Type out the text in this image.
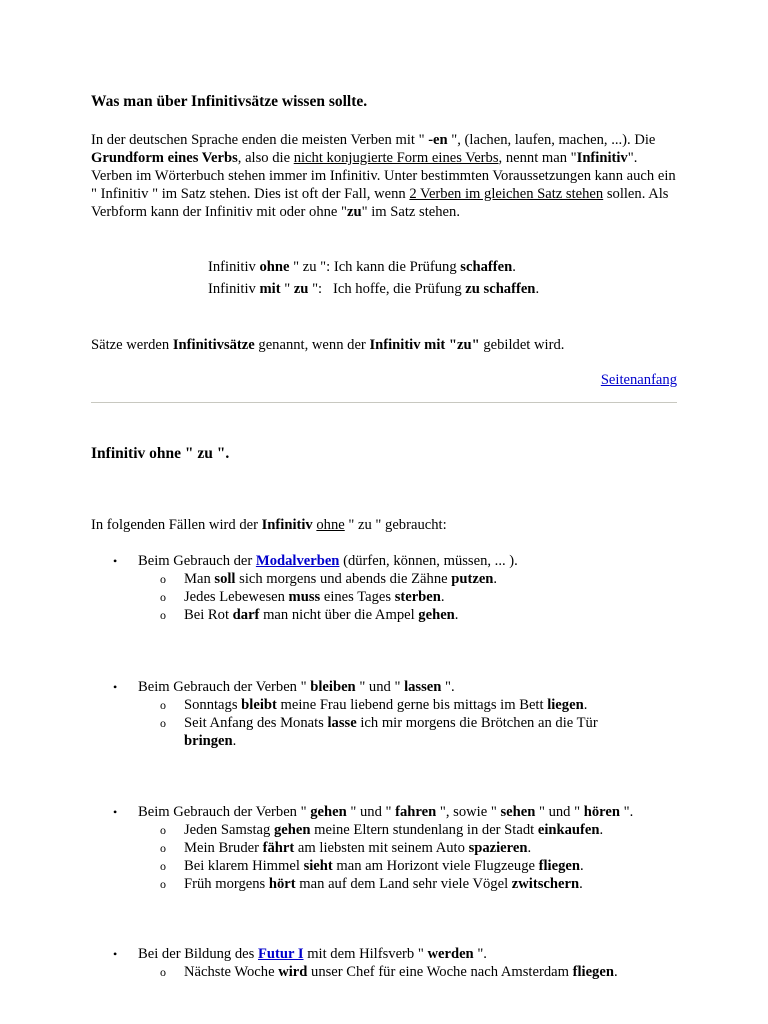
Was man über Infinitivsätze wissen sollte.

In der deutschen Sprache enden die meisten Verben mit " -en ", (lachen, laufen, machen, ...). Die Grundform eines Verbs, also die nicht konjugierte Form eines Verbs, nennt man "Infinitiv". Verben im Wörterbuch stehen immer im Infinitiv. Unter bestimmten Voraussetzungen kann auch ein " Infinitiv " im Satz stehen. Dies ist oft der Fall, wenn 2 Verben im gleichen Satz stehen sollen. Als Verbform kann der Infinitiv mit oder ohne "zu" im Satz stehen.

Infinitiv ohne " zu ": Ich kann die Prüfung schaffen.
Infinitiv mit " zu ":   Ich hoffe, die Prüfung zu schaffen.

Sätze werden Infinitivsätze genannt, wenn der Infinitiv mit "zu" gebildet wird.

Seitenanfang

Infinitiv ohne " zu ".

In folgenden Fällen wird der Infinitiv ohne " zu " gebraucht:

• Beim Gebrauch der Modalverben (dürfen, können, müssen, ... ).
o Man soll sich morgens und abends die Zähne putzen.
o Jedes Lebewesen muss eines Tages sterben.
o Bei Rot darf man nicht über die Ampel gehen.
• Beim Gebrauch der Verben " bleiben " und " lassen ".
o Sonntags bleibt meine Frau liebend gerne bis mittags im Bett liegen.
o Seit Anfang des Monats lasse ich mir morgens die Brötchen an die Tür bringen.
• Beim Gebrauch der Verben " gehen " und " fahren ", sowie " sehen " und " hören ".
o Jeden Samstag gehen meine Eltern stundenlang in der Stadt einkaufen.
o Mein Bruder fährt am liebsten mit seinem Auto spazieren.
o Bei klarem Himmel sieht man am Horizont viele Flugzeuge fliegen.
o Früh morgens hört man auf dem Land sehr viele Vögel zwitschern.
• Bei der Bildung des Futur I mit dem Hilfsverb " werden ".
o Nächste Woche wird unser Chef für eine Woche nach Amsterdam fliegen.
